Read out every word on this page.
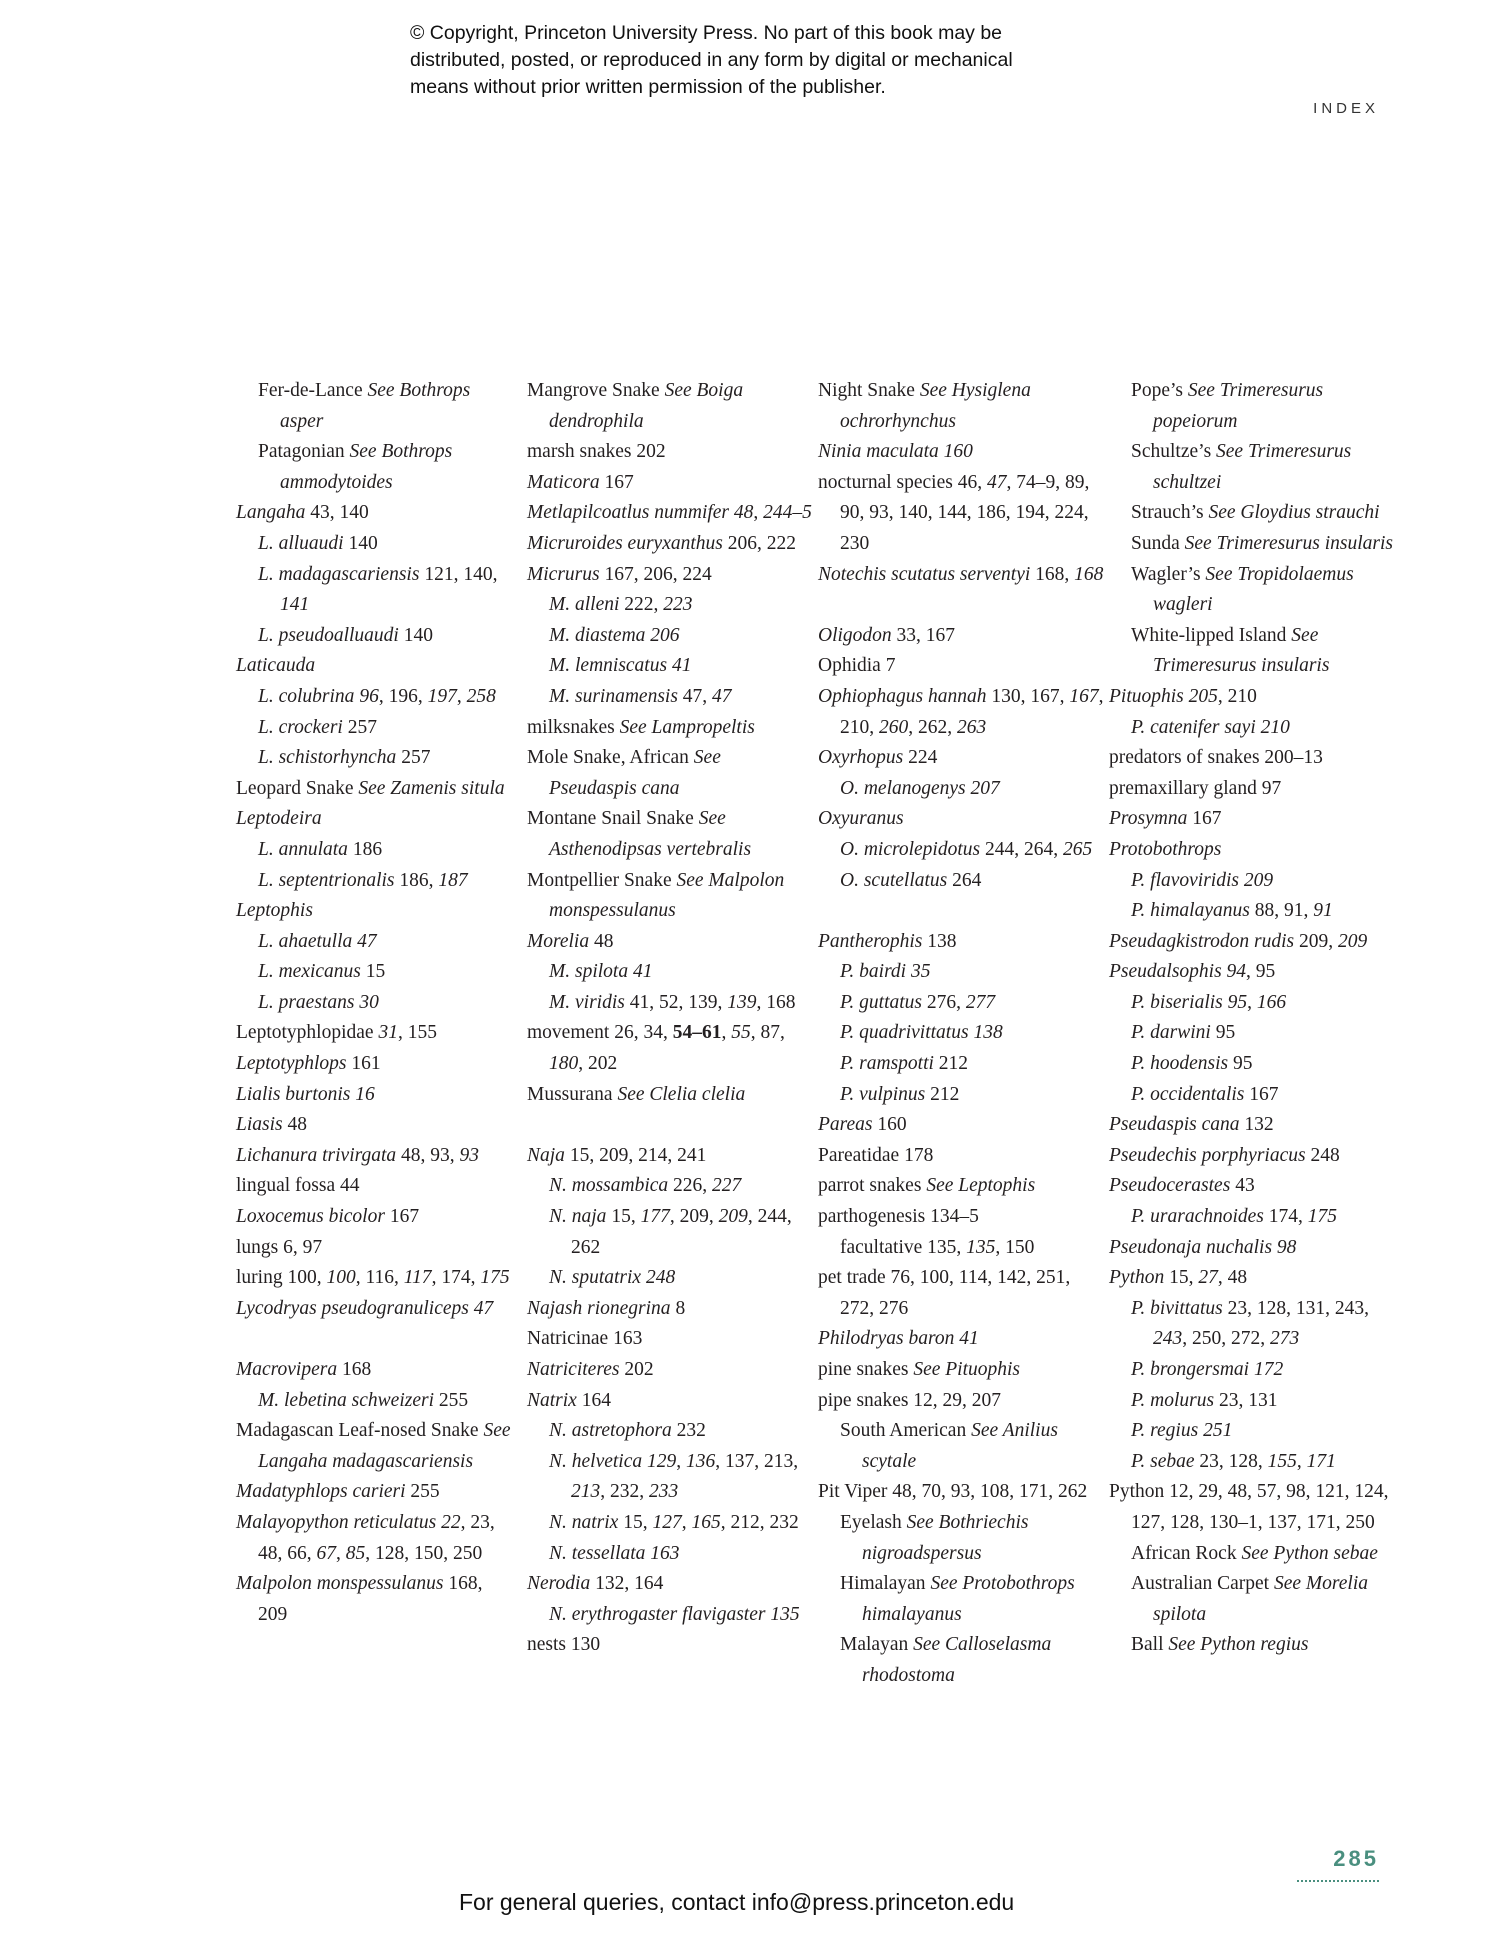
© Copyright, Princeton University Press. No part of this book may be
distributed, posted, or reproduced in any form by digital or mechanical
means without prior written permission of the publisher.
INDEX
Fer-de-Lance See Bothrops asper
Patagonian See Bothrops ammodytoides
Langaha 43, 140
L. alluaudi 140
L. madagascariensis 121, 140, 141
L. pseudoalluaudi 140
Laticauda
L. colubrina 96, 196, 197, 258
L. crockeri 257
L. schistorhyncha 257
Leopard Snake See Zamenis situla
Leptodeira
L. annulata 186
L. septentrionalis 186, 187
Leptophis
L. ahaetulla 47
L. mexicanus 15
L. praestans 30
Leptotyphlopidae 31, 155
Leptotyphlops 161
Lialis burtonis 16
Liasis 48
Lichanura trivirgata 48, 93, 93
lingual fossa 44
Loxocemus bicolor 167
lungs 6, 97
luring 100, 100, 116, 117, 174, 175
Lycodryas pseudogranuliceps 47
Macrovipera 168
M. lebetina schweizeri 255
Madagascan Leaf-nosed Snake See Langaha madagascariensis
Madatyphlops carieri 255
Malayopython reticulatus 22, 23, 48, 66, 67, 85, 128, 150, 250
Malpolon monspessulanus 168, 209
Mangrove Snake See Boiga dendrophila
marsh snakes 202
Maticora 167
Metlapilcoatlus nummifer 48, 244–5
Micruroides euryxanthus 206, 222
Micrurus 167, 206, 224
M. alleni 222, 223
M. diastema 206
M. lemniscatus 41
M. surinamensis 47, 47
milksnakes See Lampropeltis
Mole Snake, African See Pseudaspis cana
Montane Snail Snake See Asthenodipsas vertebralis
Montpellier Snake See Malpolon monspessulanus
Morelia 48
M. spilota 41
M. viridis 41, 52, 139, 139, 168
movement 26, 34, 54–61, 55, 87, 180, 202
Mussurana See Clelia clelia
Naja 15, 209, 214, 241
N. mossambica 226, 227
N. naja 15, 177, 209, 209, 244, 262
N. sputatrix 248
Najash rionegrina 8
Natricinae 163
Natriciteres 202
Natrix 164
N. astretophora 232
N. helvetica 129, 136, 137, 213, 213, 232, 233
N. natrix 15, 127, 165, 212, 232
N. tessellata 163
Nerodia 132, 164
N. erythrogaster flavigaster 135
nests 130
Night Snake See Hysiglena ochrorhynchus
Ninia maculata 160
nocturnal species 46, 47, 74–9, 89, 90, 93, 140, 144, 186, 194, 224, 230
Notechis scutatus serventyi 168, 168
Oligodon 33, 167
Ophidia 7
Ophiophagus hannah 130, 167, 167, 210, 260, 262, 263
Oxyrhopus 224
O. melanogenys 207
Oxyuranus
O. microlepidotus 244, 264, 265
O. scutellatus 264
Pantherophis 138
P. bairdi 35
P. guttatus 276, 277
P. quadrivittatus 138
P. ramspotti 212
P. vulpinus 212
Pareas 160
Pareatidae 178
parrot snakes See Leptophis
parthogenesis 134–5
facultative 135, 135, 150
pet trade 76, 100, 114, 142, 251, 272, 276
Philodryas baron 41
pine snakes See Pituophis
pipe snakes 12, 29, 207
South American See Anilius scytale
Pit Viper 48, 70, 93, 108, 171, 262
Eyelash See Bothriechis nigroadspersus
Himalayan See Protobothrops himalayanus
Malayan See Calloselasma rhodostoma
Pope’s See Trimeresurus popeiorum
Schultze’s See Trimeresurus schultzei
Strauch’s See Gloydius strauchi
Sunda See Trimeresurus insularis
Wagler’s See Tropidolaemus wagleri
White-lipped Island See Trimeresurus insularis
Pituophis 205, 210
P. catenifer sayi 210
predators of snakes 200–13
premaxillary gland 97
Prosymna 167
Protobothrops
P. flavoviridis 209
P. himalayanus 88, 91, 91
Pseudagkistrodon rudis 209, 209
Pseudalsophis 94, 95
P. biserialis 95, 166
P. darwini 95
P. hoodensis 95
P. occidentalis 167
Pseudaspis cana 132
Pseudechis porphyriacus 248
Pseudocerastes 43
P. urarachnoides 174, 175
Pseudonaja nuchalis 98
Python 15, 27, 48
P. bivittatus 23, 128, 131, 243, 243, 250, 272, 273
P. brongersmai 172
P. molurus 23, 131
P. regius 251
P. sebae 23, 128, 155, 171
Python 12, 29, 48, 57, 98, 121, 124, 127, 128, 130–1, 137, 171, 250
African Rock See Python sebae
Australian Carpet See Morelia spilota
Ball See Python regius
285
For general queries, contact info@press.princeton.edu
